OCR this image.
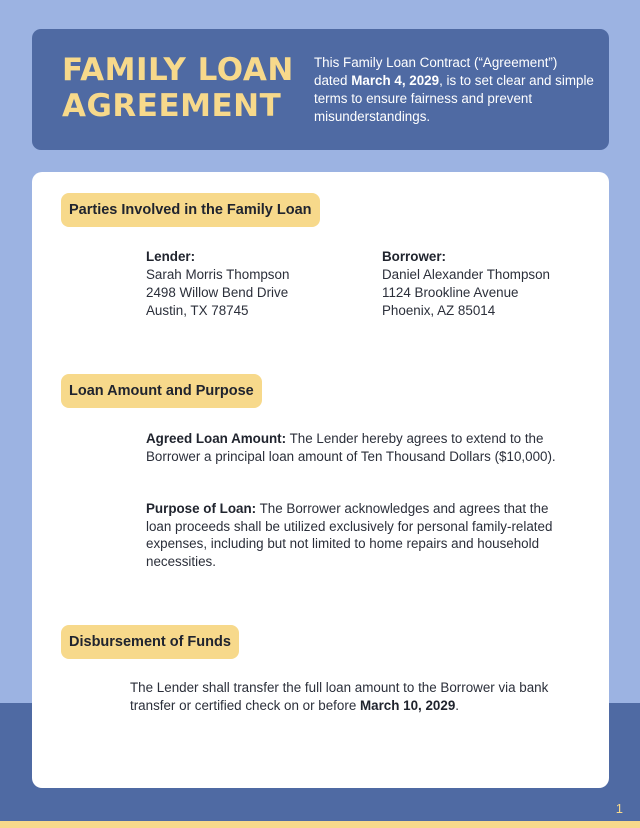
1
FAMILY LOAN
AGREEMENT

This Family Loan Contract (“Agreement”) dated March 4, 2029, is to set clear and simple terms to ensure fairness and prevent misunderstandings.

Parties Involved in the Family Loan
Lender:
Sarah Morris Thompson
2498 Willow Bend Drive
Austin, TX 78745
Borrower:
Daniel Alexander Thompson
1124 Brookline Avenue
Phoenix, AZ 85014
Loan Amount and Purpose

Agreed Loan Amount: The Lender hereby agrees to extend to the Borrower a principal loan amount of Ten Thousand Dollars ($10,000).

Purpose of Loan: The Borrower acknowledges and agrees that the loan proceeds shall be utilized exclusively for personal family-related expenses, including but not limited to home repairs and household necessities.

Disbursement of Funds

The Lender shall transfer the full loan amount to the Borrower via bank transfer or certified check on or before March 10, 2029.
